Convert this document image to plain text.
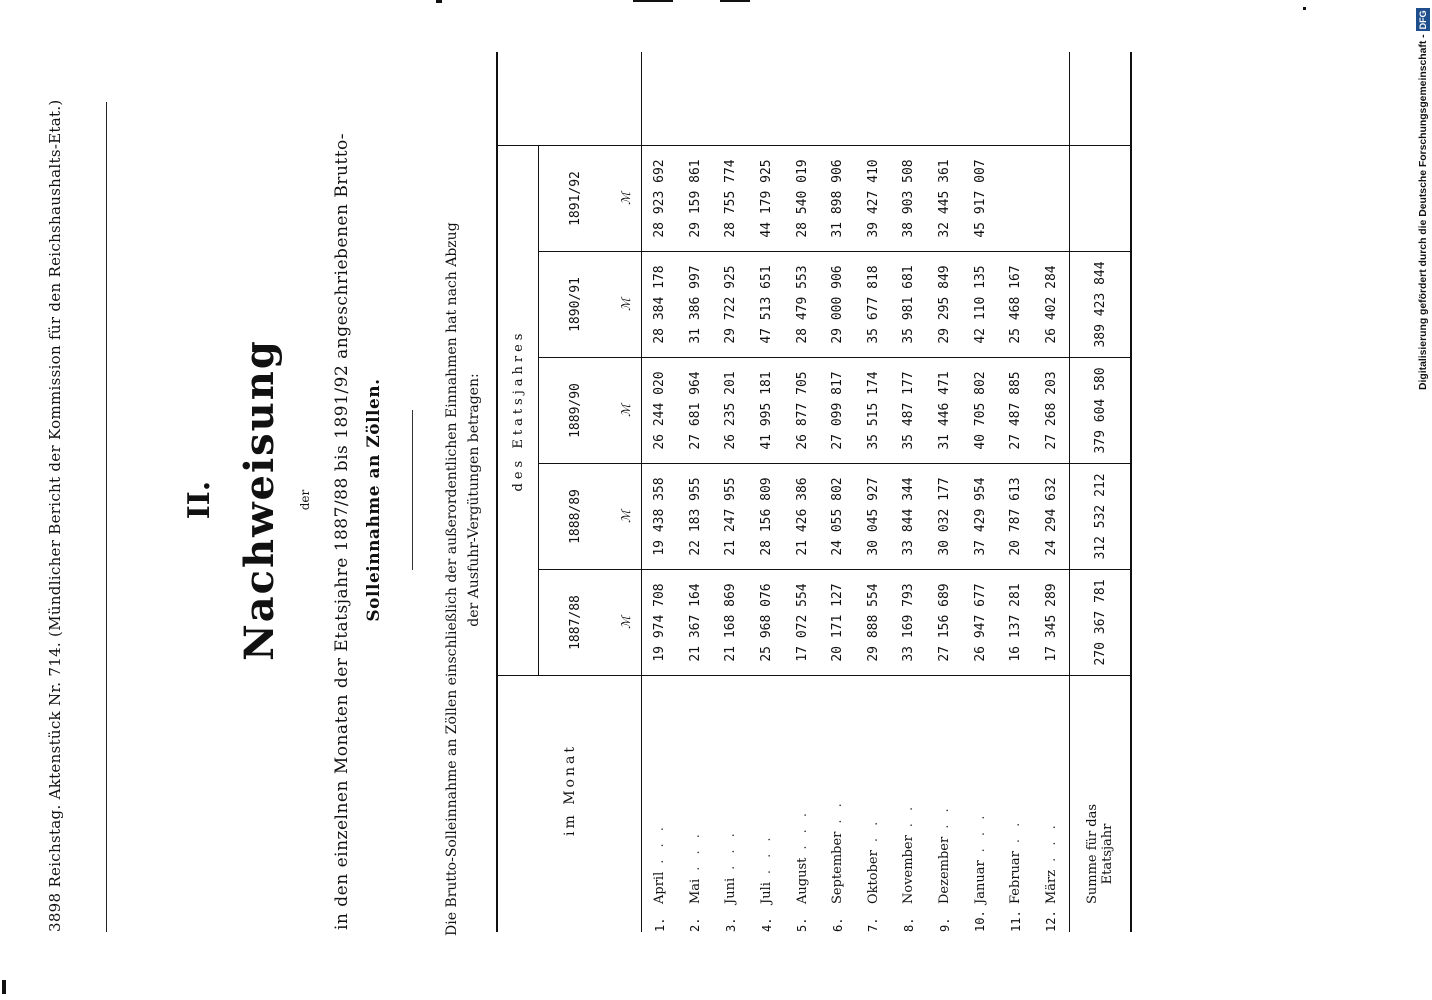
3898 Reichstag. Aktenstück Nr. 714. (Mündlicher Bericht der Kommission für den Reichshaushalts-Etat.)	II. Nachweisung der in den einzelnen Monaten der Etatsjahre 1887/88 bis 1891/92 angeschriebenen Brutto- Solleinnahme an Zöllen.	Die Brutto-Solleinnahme an Zöllen einschließlich der außerordentlichen Einnahmen hat nach Abzug der Ausfuhr-Vergütungen betragen:
	im Monat	des Etatsjahres					
		1887/88	1888/89	1889/90	1890/91	1891/92	
		ℳ	ℳ	ℳ	ℳ	ℳ	
1.	April. . .	19 974 708	19 438 358	26 244 020	28 384 178	28 923 692	
2.	Mai. . .	21 367 164	22 183 955	27 681 964	31 386 997	29 159 861	
3.	Juni. . .	21 168 869	21 247 955	26 235 201	29 722 925	28 755 774	
4.	Juli. . .	25 968 076	28 156 809	41 995 181	47 513 651	44 179 925	
5.	August. . .	17 072 554	21 426 386	26 877 705	28 479 553	28 540 019	
6.	September. .	20 171 127	24 055 802	27 099 817	29 000 906	31 898 906	
7.	Oktober. .	29 888 554	30 045 927	35 515 174	35 677 818	39 427 410	
8.	November. .	33 169 793	33 844 344	35 487 177	35 981 681	38 903 508	
9.	Dezember. .	27 156 689	30 032 177	31 446 471	29 295 849	32 445 361	
10.	Januar. . .	26 947 677	37 429 954	40 705 802	42 110 135	45 917 007	
11.	Februar. .	16 137 281	20 787 613	27 487 885	25 468 167		
12.	März. . .	17 345 289	24 294 632	27 268 203	26 402 284		
	Summe für das
Etatsjahr	270 367 781	312 532 212	379 604 580	389 423 844			Digitalisierung gefördert durch die Deutsche Forschungsgemeinschaft -DFG
